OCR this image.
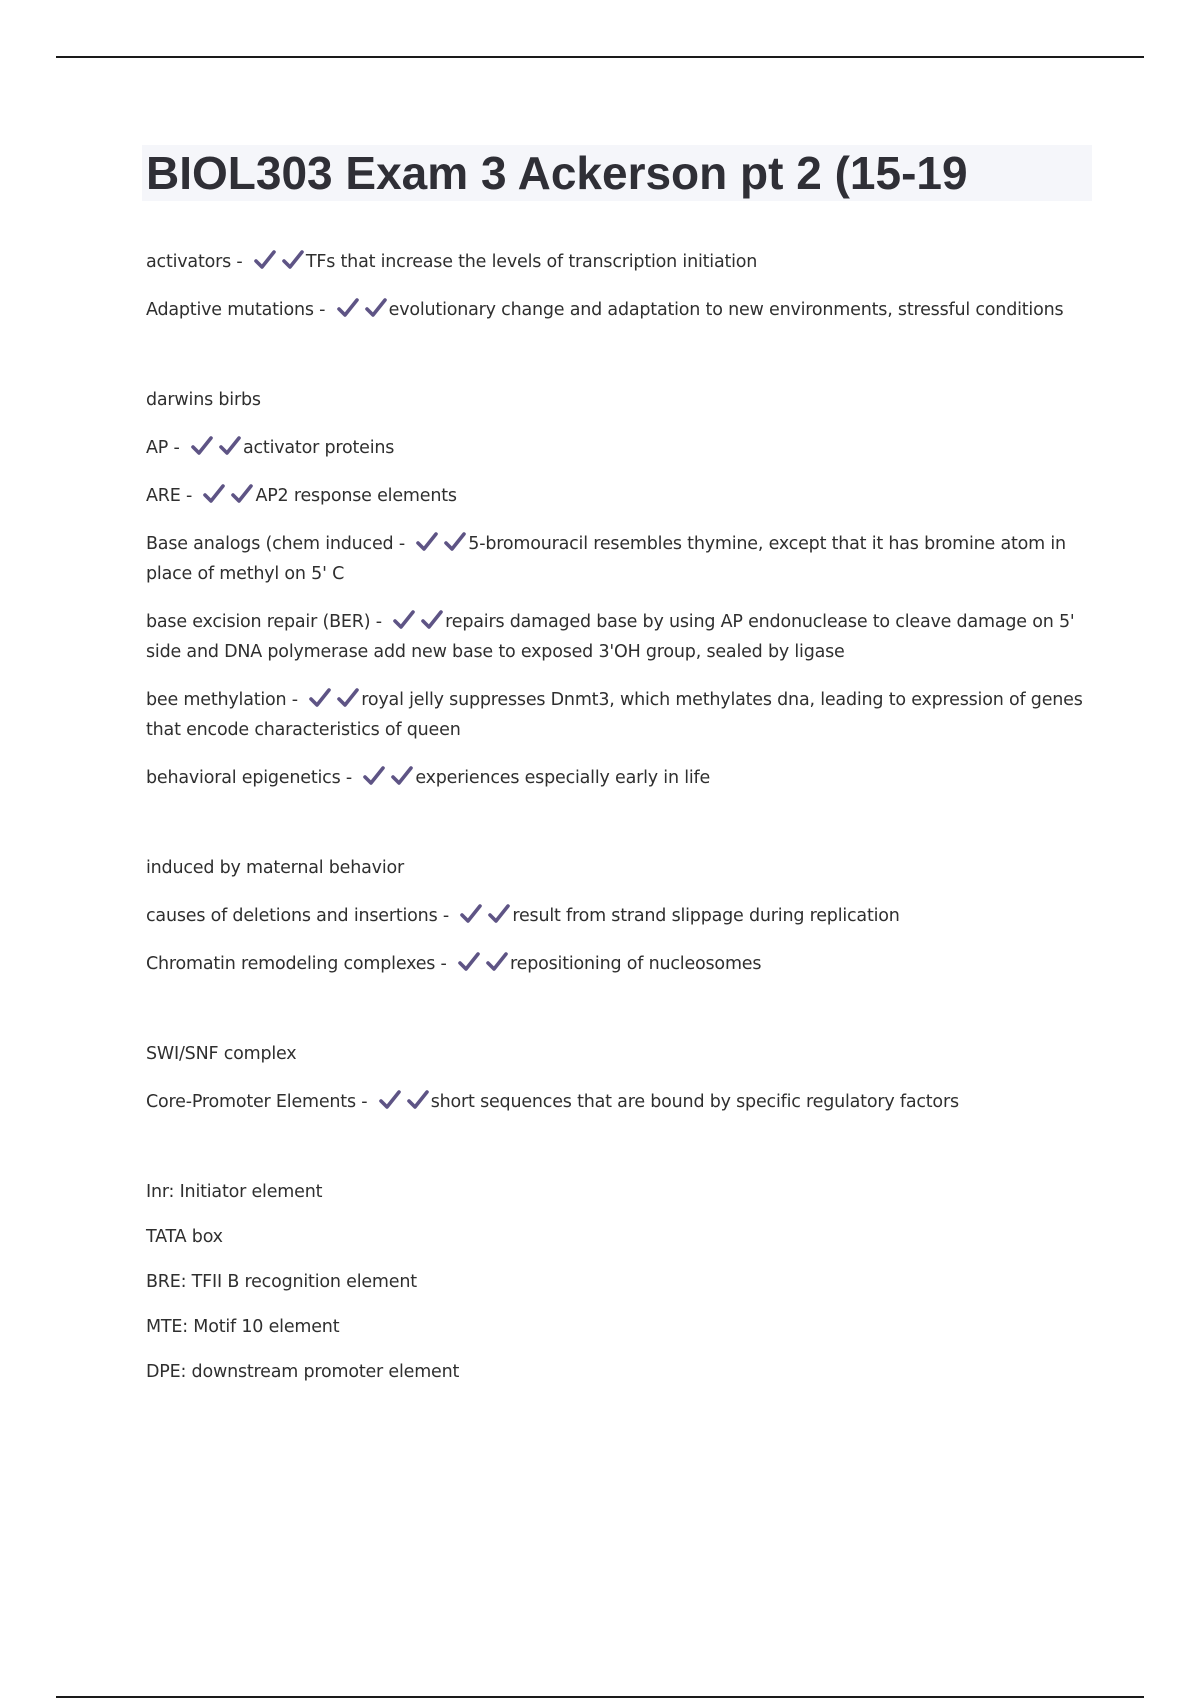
BIOL303 Exam 3 Ackerson pt 2 (15-19

activators -	TFs that increase the levels of transcription initiation

Adaptive mutations -	evolutionary change and adaptation to new environments, stressful conditions

darwins birbs

AP -	activator proteins

ARE -	AP2 response elements

Base analogs (chem induced -	5-bromouracil resembles thymine, except that it has bromine atom in place of methyl on 5' C

base excision repair (BER) -	repairs damaged base by using AP endonuclease to cleave damage on 5' side and DNA polymerase add new base to exposed 3'OH group, sealed by ligase

bee methylation -	royal jelly suppresses Dnmt3, which methylates dna, leading to expression of genes that encode characteristics of queen

behavioral epigenetics -	experiences especially early in life

induced by maternal behavior

causes of deletions and insertions -	result from strand slippage during replication

Chromatin remodeling complexes -	repositioning of nucleosomes

SWI/SNF complex

Core-Promoter Elements -	short sequences that are bound by specific regulatory factors

Inr: Initiator element

TATA box

BRE: TFII B recognition element

MTE: Motif 10 element

DPE: downstream promoter element
